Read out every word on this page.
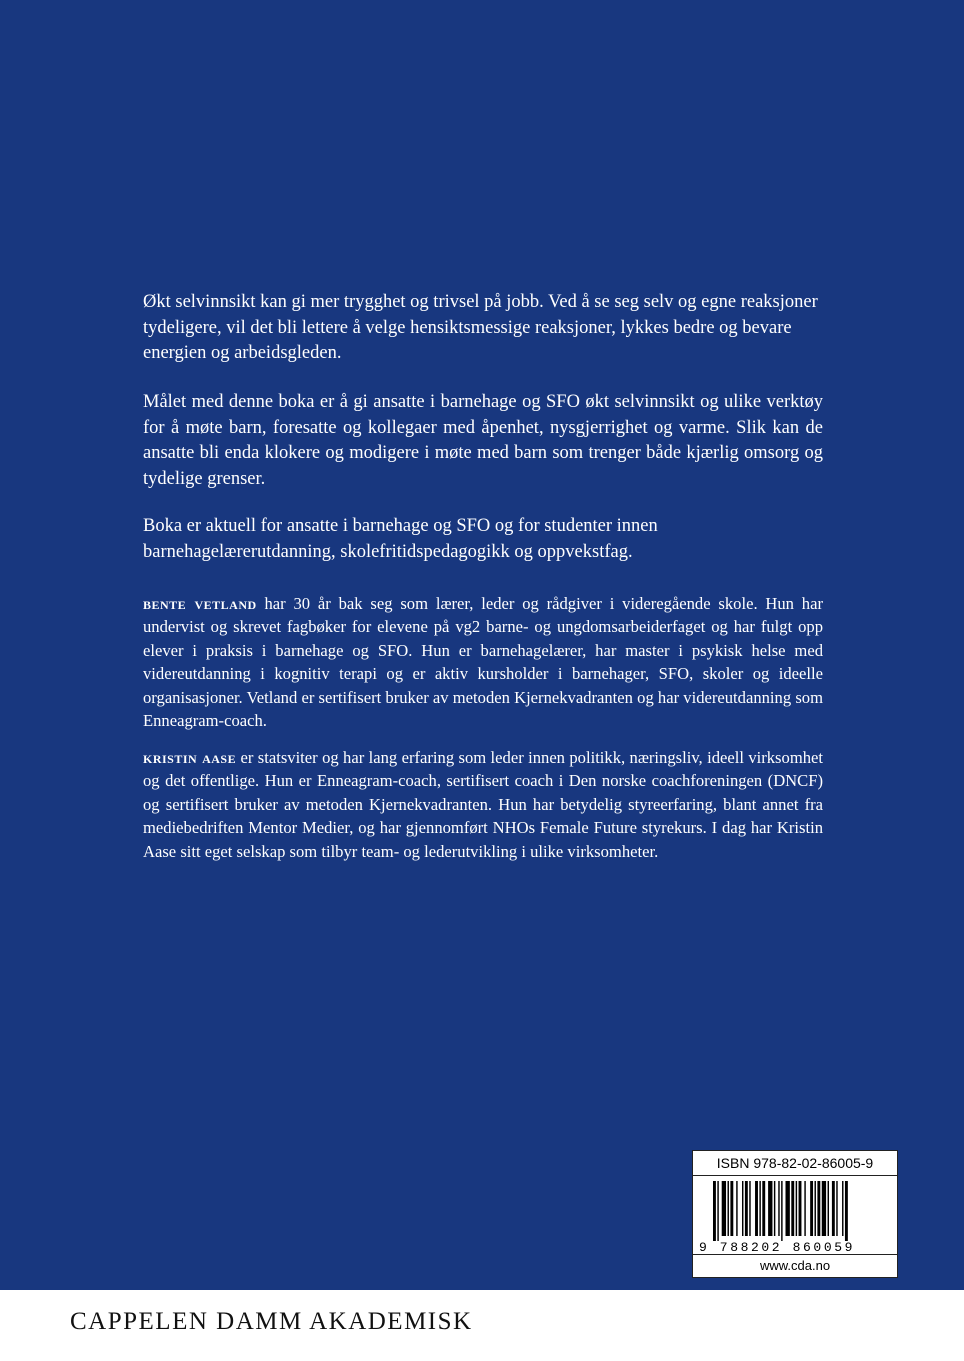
Økt selvinnsikt kan gi mer trygghet og trivsel på jobb. Ved å se seg selv og egne reaksjoner tydeligere, vil det bli lettere å velge hensiktsmessige reaksjoner, lykkes bedre og bevare energien og arbeidsgleden.

Målet med denne boka er å gi ansatte i barnehage og SFO økt selvinnsikt og ulike verktøy for å møte barn, foresatte og kollegaer med åpenhet, nysgjerrighet og varme. Slik kan de ansatte bli enda klokere og modigere i møte med barn som trenger både kjærlig omsorg og tydelige grenser.

Boka er aktuell for ansatte i barnehage og SFO og for studenter innen barnehagelærerutdanning, skolefritidspedagogikk og oppvekstfag.

bente vetland har 30 år bak seg som lærer, leder og rådgiver i videregående skole. Hun har undervist og skrevet fagbøker for elevene på vg2 barne- og ungdomsarbeiderfaget og har fulgt opp elever i praksis i barnehage og SFO. Hun er barnehagelærer, har master i psykisk helse med videreutdanning i kognitiv terapi og er aktiv kursholder i barnehager, SFO, skoler og ideelle organisasjoner. Vetland er sertifisert bruker av metoden Kjernekvadranten og har videreutdanning som Enneagram-coach.

kristin aase er statsviter og har lang erfaring som leder innen politikk, næringsliv, ideell virksomhet og det offentlige. Hun er Enneagram-coach, sertifisert coach i Den norske coachforeningen (DNCF) og sertifisert bruker av metoden Kjernekvadranten. Hun har betydelig styreerfaring, blant annet fra mediebedriften Mentor Medier, og har gjennomført NHOs Female Future styrekurs. I dag har Kristin Aase sitt eget selskap som tilbyr team- og lederutvikling i ulike virksomheter.

ISBN 978-82-02-86005-9
9 788202 860059
www.cda.no
CAPPELEN DAMM AKADEMISK
